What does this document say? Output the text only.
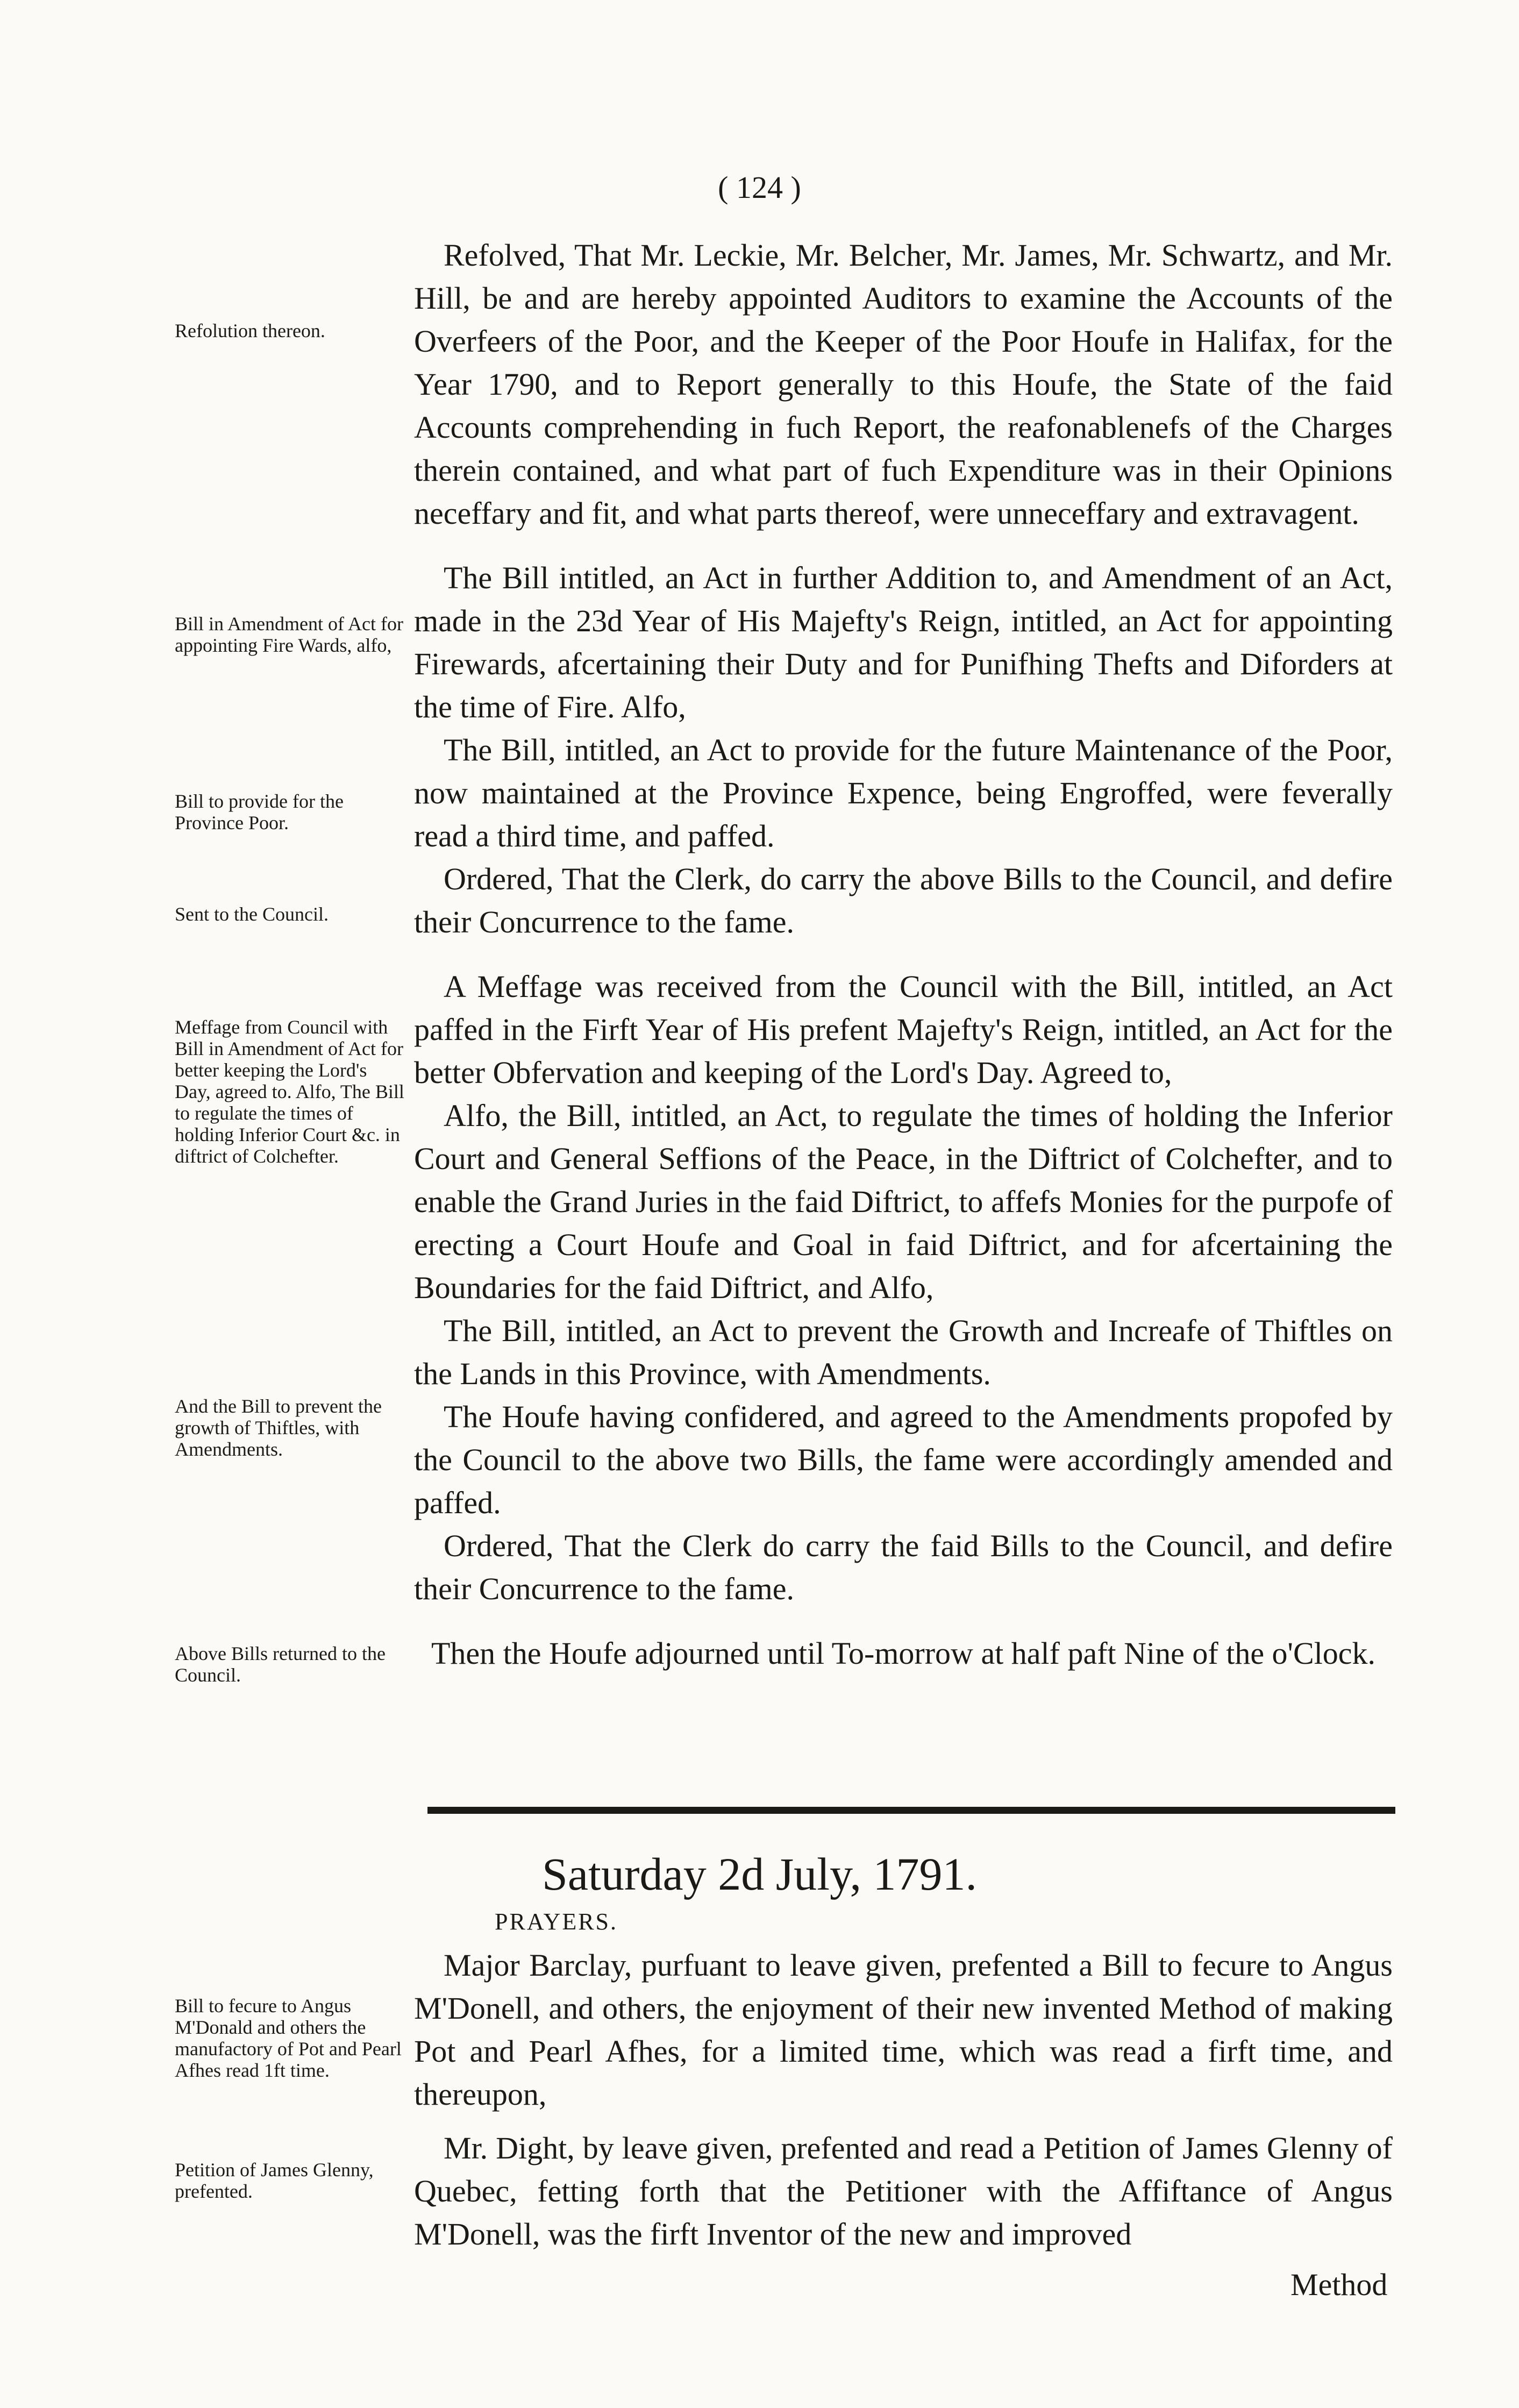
( 124 )
Refolution thereon.
Bill in Amendment of Act for appointing Fire Wards, alfo,
Bill to provide for the Province Poor.
Sent to the Council.
Meffage from Council with Bill in Amendment of Act for better keeping the Lord's Day, agreed to. Alfo, The Bill to regulate the times of holding Inferior Court &c. in diftrict of Colchefter.
And the Bill to prevent the growth of Thiftles, with Amendments.
Above Bills returned to the Council.
Bill to fecure to Angus M'Donald and others the manufactory of Pot and Pearl Afhes read 1ft time.
Petition of James Glenny, prefented.

Refolved, That Mr. Leckie, Mr. Belcher, Mr. James, Mr. Schwartz, and Mr. Hill, be and are hereby appointed Auditors to examine the Accounts of the Overfeers of the Poor, and the Keeper of the Poor Houfe in Halifax, for the Year 1790, and to Report generally to this Houfe, the State of the faid Accounts comprehending in fuch Report, the reafonablenefs of the Charges therein contained, and what part of fuch Expenditure was in their Opinions neceffary and fit, and what parts thereof, were unneceffary and extravagent.

The Bill intitled, an Act in further Addition to, and Amendment of an Act, made in the 23d Year of His Majefty's Reign, intitled, an Act for appointing Firewards, afcertaining their Duty and for Punifhing Thefts and Diforders at the time of Fire. Alfo,

The Bill, intitled, an Act to provide for the future Maintenance of the Poor, now maintained at the Province Expence, being Engroffed, were feverally read a third time, and paffed.

Ordered, That the Clerk, do carry the above Bills to the Council, and defire their Concurrence to the fame.

A Meffage was received from the Council with the Bill, intitled, an Act paffed in the Firft Year of His prefent Majefty's Reign, intitled, an Act for the better Obfervation and keeping of the Lord's Day. Agreed to,

Alfo, the Bill, intitled, an Act, to regulate the times of holding the Inferior Court and General Seffions of the Peace, in the Diftrict of Colchefter, and to enable the Grand Juries in the faid Diftrict, to affefs Monies for the purpofe of erecting a Court Houfe and Goal in faid Diftrict, and for afcertaining the Boundaries for the faid Diftrict, and Alfo,

The Bill, intitled, an Act to prevent the Growth and Increafe of Thiftles on the Lands in this Province, with Amendments.

The Houfe having confidered, and agreed to the Amendments propofed by the Council to the above two Bills, the fame were accordingly amended and paffed.

Ordered, That the Clerk do carry the faid Bills to the Council, and defire their Concurrence to the fame.

Then the Houfe adjourned until To-morrow at half paft Nine of the o'Clock.

Saturday 2d July, 1791.
PRAYERS.

Major Barclay, purfuant to leave given, prefented a Bill to fecure to Angus M'Donell, and others, the enjoyment of their new invented Method of making Pot and Pearl Afhes, for a limited time, which was read a firft time, and thereupon,

Mr. Dight, by leave given, prefented and read a Petition of James Glenny of Quebec, fetting forth that the Petitioner with the Affiftance of Angus M'Donell, was the firft Inventor of the new and improved

Method
